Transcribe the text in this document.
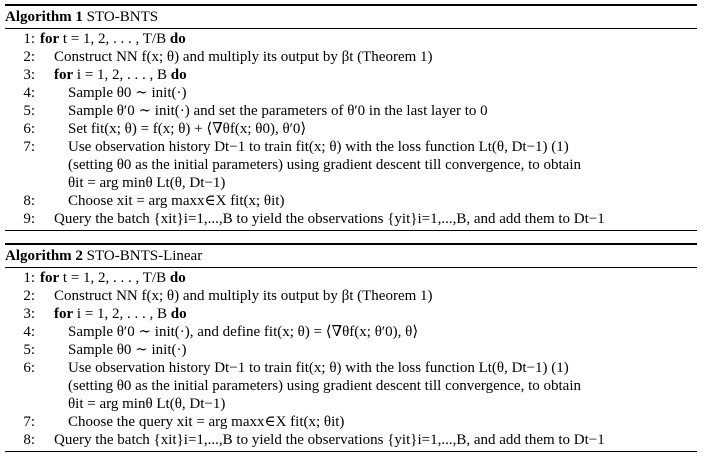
Algorithm 1 STO-BNTS
1: for t = 1, 2, . . . , T/B do
2: Construct NN f(x; θ) and multiply its output by βt (Theorem 1)
3: for i = 1, 2, . . . , B do
4: Sample θ0 ∼ init(·)
5: Sample θ′0 ∼ init(·) and set the parameters of θ′0 in the last layer to 0
6: Set fit(x; θ) = f(x; θ) + ⟨∇θf(x; θ0), θ′0⟩
7: Use observation history Dt−1 to train fit(x; θ) with the loss function Lt(θ, Dt−1) (1)
(setting θ0 as the initial parameters) using gradient descent till convergence, to obtain
θit = arg minθ Lt(θ, Dt−1)
8: Choose xit = arg maxx∈X fit(x; θit)
9: Query the batch {xit}i=1,...,B to yield the observations {yit}i=1,...,B, and add them to Dt−1
Algorithm 2 STO-BNTS-Linear
1: for t = 1, 2, . . . , T/B do
2: Construct NN f(x; θ) and multiply its output by βt (Theorem 1)
3: for i = 1, 2, . . . , B do
4: Sample θ′0 ∼ init(·), and define fit(x; θ) = ⟨∇θf(x; θ′0), θ⟩
5: Sample θ0 ∼ init(·)
6: Use observation history Dt−1 to train fit(x; θ) with the loss function Lt(θ, Dt−1) (1)
(setting θ0 as the initial parameters) using gradient descent till convergence, to obtain
θit = arg minθ Lt(θ, Dt−1)
7: Choose the query xit = arg maxx∈X fit(x; θit)
8: Query the batch {xit}i=1,...,B to yield the observations {yit}i=1,...,B, and add them to Dt−1
